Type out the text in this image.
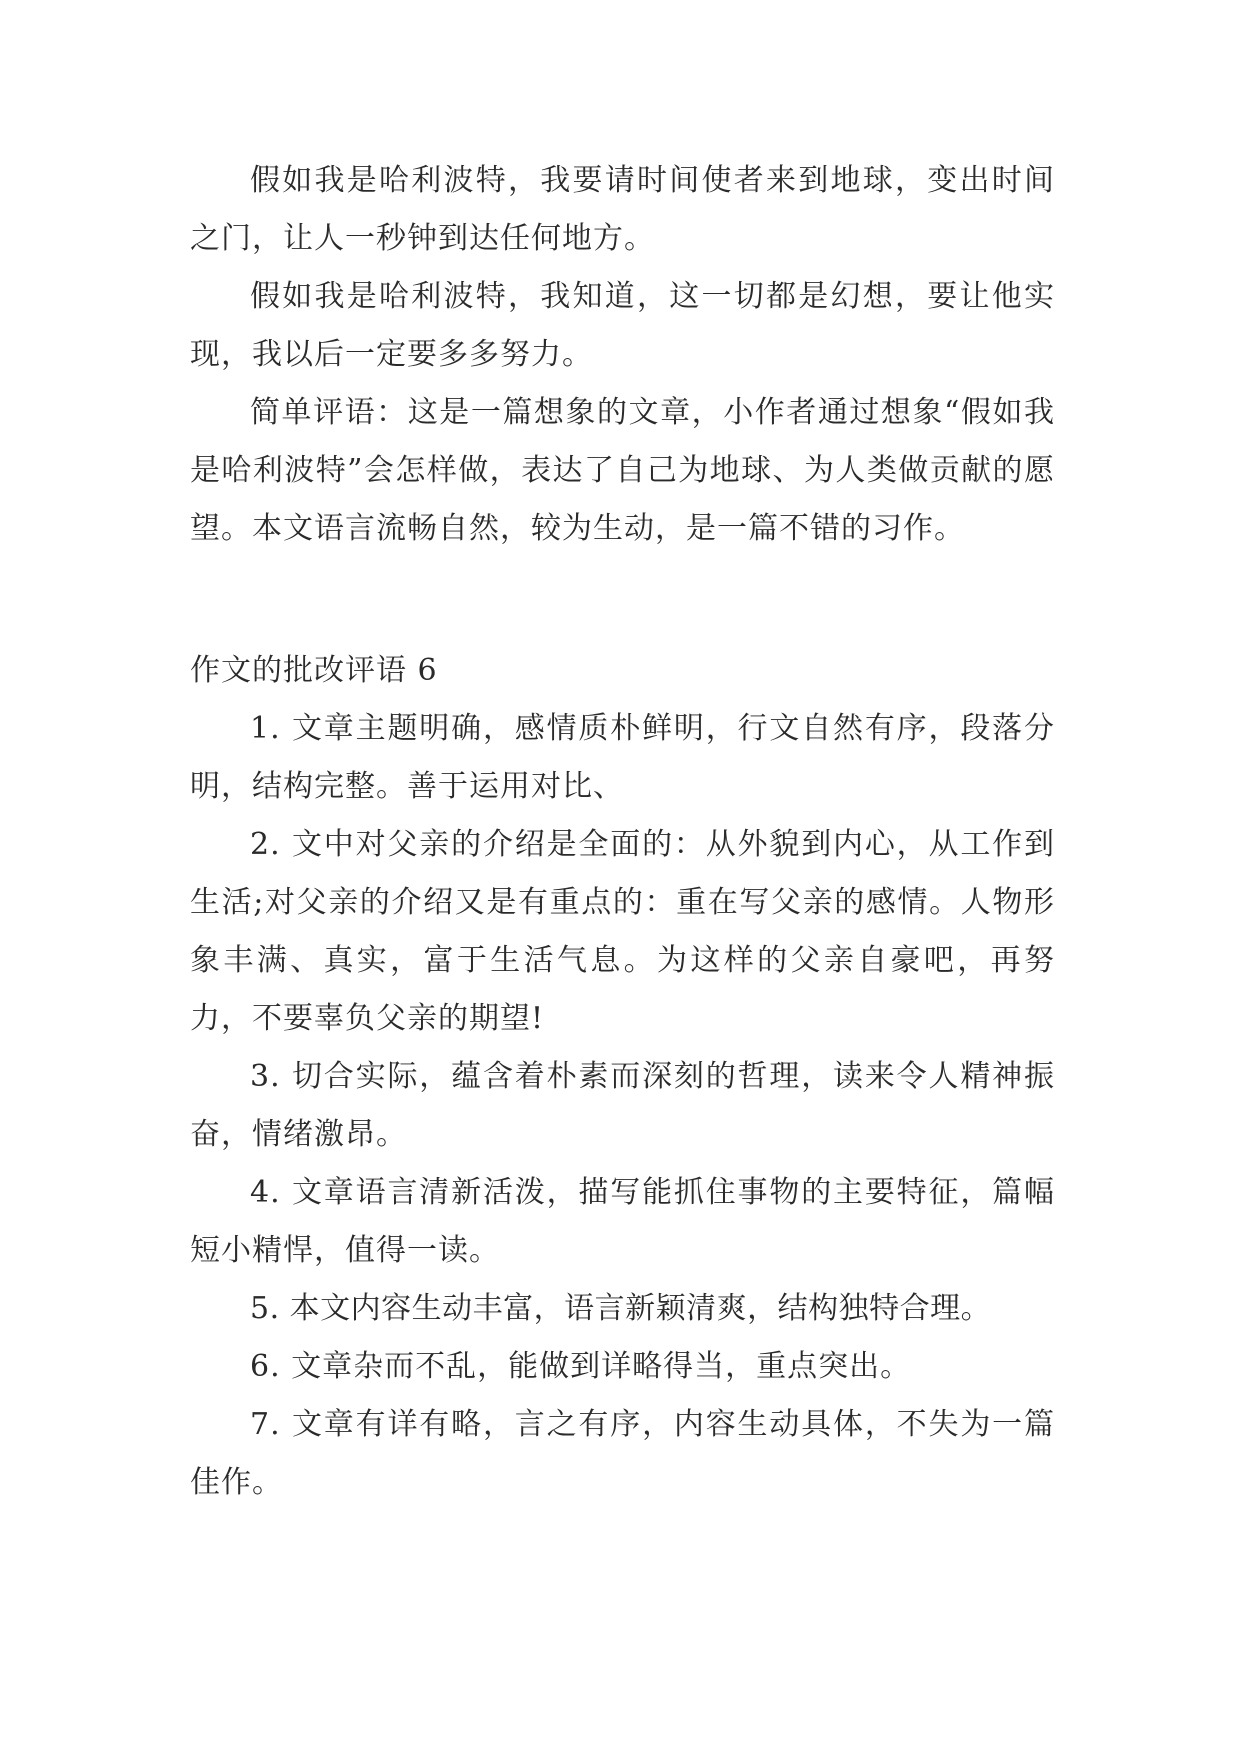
假如我是哈利波特，我要请时间使者来到地球，变出时间之门，让人一秒钟到达任何地方。

假如我是哈利波特，我知道，这一切都是幻想，要让他实现，我以后一定要多多努力。

简单评语：这是一篇想象的文章，小作者通过想象“假如我是哈利波特”会怎样做，表达了自己为地球、为人类做贡献的愿望。本文语言流畅自然，较为生动，是一篇不错的习作。

作文的批改评语 6

1. 文章主题明确，感情质朴鲜明，行文自然有序，段落分明，结构完整。善于运用对比、

2. 文中对父亲的介绍是全面的：从外貌到内心，从工作到生活;对父亲的介绍又是有重点的：重在写父亲的感情。人物形象丰满、真实，富于生活气息。为这样的父亲自豪吧，再努力，不要辜负父亲的期望!

3. 切合实际，蕴含着朴素而深刻的哲理，读来令人精神振奋，情绪激昂。

4. 文章语言清新活泼，描写能抓住事物的主要特征，篇幅短小精悍，值得一读。

5. 本文内容生动丰富，语言新颖清爽，结构独特合理。

6. 文章杂而不乱，能做到详略得当，重点突出。

7. 文章有详有略，言之有序，内容生动具体，不失为一篇佳作。
